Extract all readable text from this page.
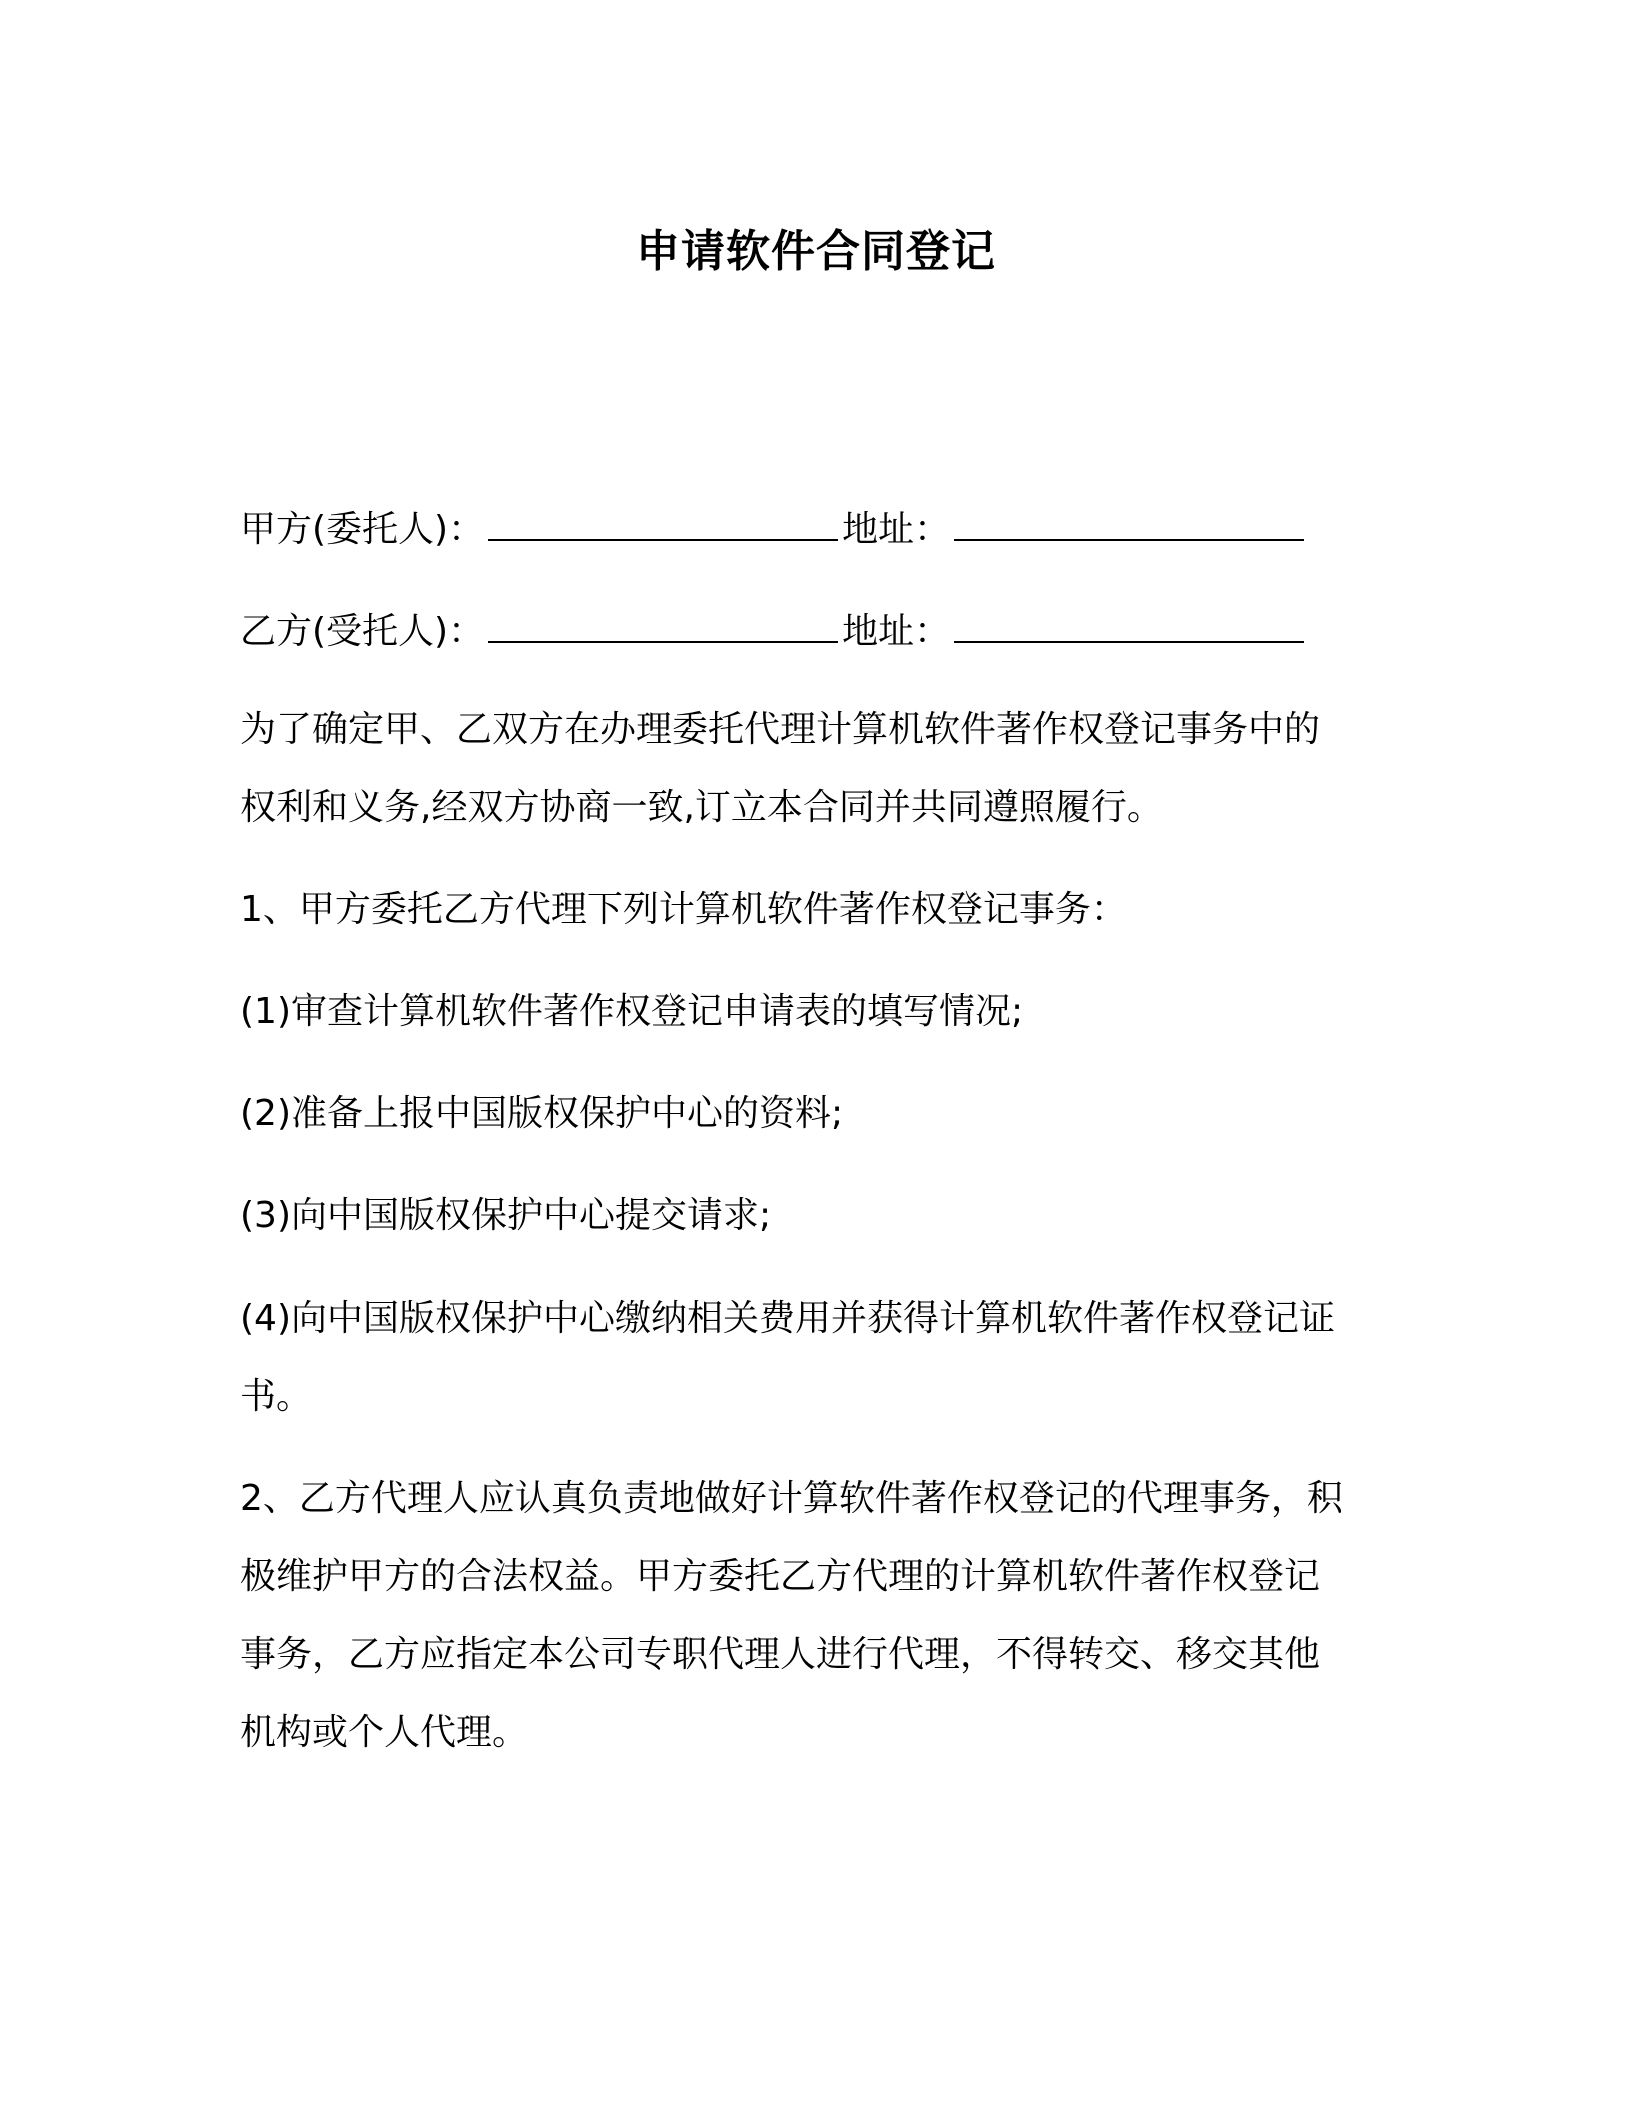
申请软件合同登记
甲方(委托人)：	地址：
乙方(受托人)：	地址：
为了确定甲、乙双方在办理委托代理计算机软件著作权登记事务中的
权利和义务,经双方协商一致,订立本合同并共同遵照履行。
1、甲方委托乙方代理下列计算机软件著作权登记事务：
(1)审查计算机软件著作权登记申请表的填写情况;
(2)准备上报中国版权保护中心的资料;
(3)向中国版权保护中心提交请求;
(4)向中国版权保护中心缴纳相关费用并获得计算机软件著作权登记证
书。
2、乙方代理人应认真负责地做好计算软件著作权登记的代理事务，积
极维护甲方的合法权益。甲方委托乙方代理的计算机软件著作权登记
事务，乙方应指定本公司专职代理人进行代理，不得转交、移交其他
机构或个人代理。
